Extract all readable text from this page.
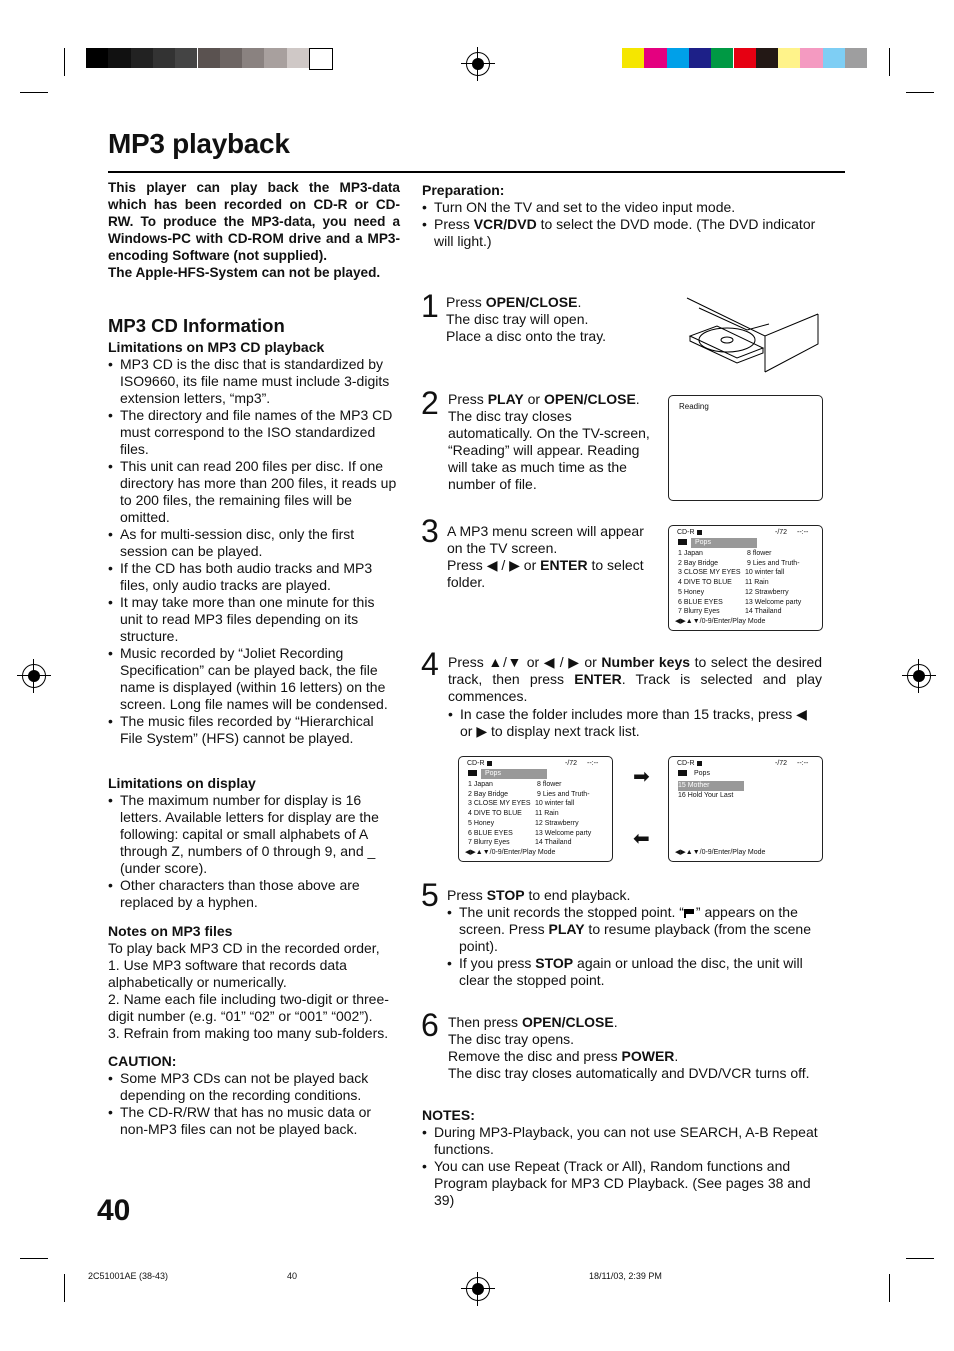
MP3 playback
This player can play back the MP3-data which has been recorded on CD-R or CD-RW. To produce the MP3-data, you need a Windows-PC with CD-ROM drive and a MP3-encoding Software (not supplied).
The Apple-HFS-System can not be played.
MP3 CD Information

Limitations on MP3 CD playback

• MP3 CD is the disc that is standardized by ISO9660, its file name must include 3-digits extension letters, “mp3”.
• The directory and file names of the MP3 CD must correspond to the ISO standardized files.
• This unit can read 200 files per disc. If one directory has more than 200 files, it reads up to 200 files, the remaining files will be omitted.
• As for multi-session disc, only the first session can be played.
• If the CD has both audio tracks and MP3 files, only audio tracks are played.
• It may take more than one minute for this unit to read MP3 files depending on its structure.
• Music recorded by “Joliet Recording Specification” can be played back, the file name is displayed (within 16 letters) on the screen. Long file names will be condensed.
• The music files recorded by “Hierarchical File System” (HFS) cannot be played.

Limitations on display

• The maximum number for display is 16 letters. Available letters for display are the following: capital or small alphabets of A through Z, numbers of 0 through 9, and _ (under score).
• Other characters than those above are replaced by a hyphen.

Notes on MP3 files

To play back MP3 CD in the recorded order,
1. Use MP3 software that records data alphabetically or numerically.
2. Name each file including two-digit or three-digit number (e.g. “01” “02” or “001” “002”).
3. Refrain from making too many sub-folders.

CAUTION:

• Some MP3 CDs can not be played back depending on the recording conditions.
• The CD-R/RW that has no music data or non-MP3 files can not be played back.
Preparation:
• Turn ON the TV and set to the video input mode.
• Press VCR/DVD to select the DVD mode. (The DVD indicator will light.)
1 Press OPEN/CLOSE.
The disc tray will open.
Place a disc onto the tray.
2 Press PLAY or OPEN/CLOSE.
The disc tray closes automatically. On the TV-screen, “Reading” will appear. Reading will take as much time as the number of file.
Reading
3 A MP3 menu screen will appear on the TV screen.
Press ◀ / ▶ or ENTER to select folder.
CD-R	-/72 --:--
Pops
1 Japan
2 Bay Bridge
3 CLOSE MY EYES
4 DIVE TO BLUE
5 Honey
6 BLUE EYES
7 Blurry Eyes
8 flower
9 Lies and Truth-
10 winter fall
11 Rain
12 Strawberry
13 Welcome party
14 Thailand
◀▶▲▼/0-9/Enter/Play Mode
4 Press ▲/▼ or ◀ / ▶ or Number keys to select the desired track, then press ENTER. Track is selected and play commences.
• In case the folder includes more than 15 tracks, press ◀ or ▶ to display next track list.
CD-R	-/72 --:--
Pops
1 Japan
2 Bay Bridge
3 CLOSE MY EYES
4 DIVE TO BLUE
5 Honey
6 BLUE EYES
7 Blurry Eyes
8 flower
9 Lies and Truth-
10 winter fall
11 Rain
12 Strawberry
13 Welcome party
14 Thailand
◀▶▲▼/0-9/Enter/Play Mode
➡
⬅
CD-R	-/72 --:--
Pops
15 Mother
16 Hold Your Last
◀▶▲▼/0-9/Enter/Play Mode
5 Press STOP to end playback.
• The unit records the stopped point. “ ” appears on the screen. Press PLAY to resume playback (from the scene point).
• If you press STOP again or unload the disc, the unit will clear the stopped point.
6 Then press OPEN/CLOSE.
The disc tray opens.
Remove the disc and press POWER.
The disc tray closes automatically and DVD/VCR turns off.
NOTES:
• During MP3-Playback, you can not use SEARCH, A-B Repeat functions.
• You can use Repeat (Track or All), Random functions and Program playback for MP3 CD Playback. (See pages 38 and 39)
40
2C51001AE (38-43)	40	18/11/03, 2:39 PM
